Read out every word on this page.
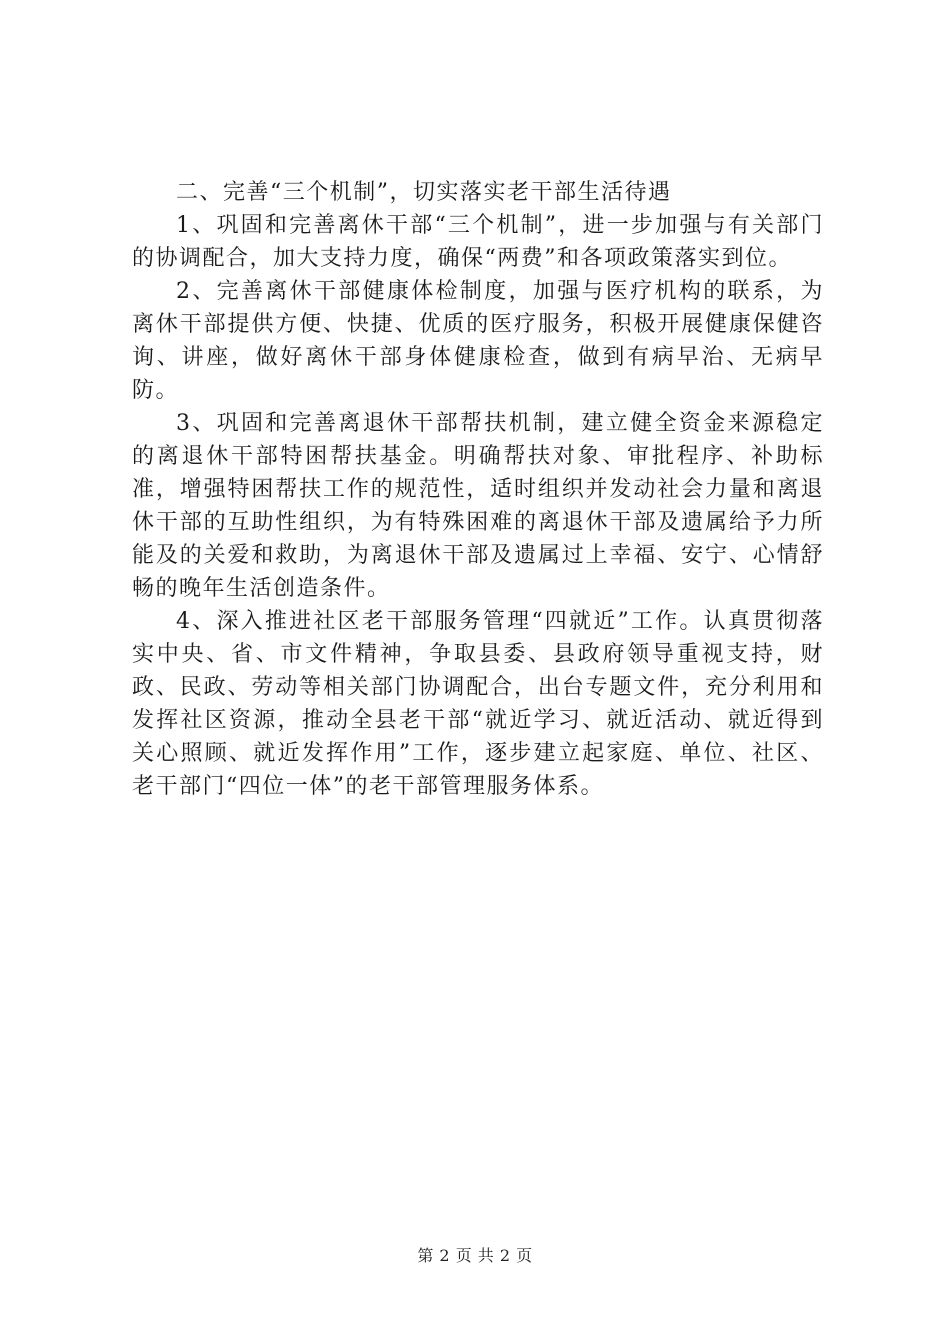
二、完善“三个机制”，切实落实老干部生活待遇

1、巩固和完善离休干部“三个机制”，进一步加强与有关部门的协调配合，加大支持力度，确保“两费”和各项政策落实到位。

2、完善离休干部健康体检制度，加强与医疗机构的联系，为离休干部提供方便、快捷、优质的医疗服务，积极开展健康保健咨询、讲座，做好离休干部身体健康检查，做到有病早治、无病早防。

3、巩固和完善离退休干部帮扶机制，建立健全资金来源稳定的离退休干部特困帮扶基金。明确帮扶对象、审批程序、补助标准，增强特困帮扶工作的规范性，适时组织并发动社会力量和离退休干部的互助性组织，为有特殊困难的离退休干部及遗属给予力所能及的关爱和救助，为离退休干部及遗属过上幸福、安宁、心情舒畅的晚年生活创造条件。

4、深入推进社区老干部服务管理“四就近”工作。认真贯彻落实中央、省、市文件精神，争取县委、县政府领导重视支持，财政、民政、劳动等相关部门协调配合，出台专题文件，充分利用和发挥社区资源，推动全县老干部“就近学习、就近活动、就近得到关心照顾、就近发挥作用”工作，逐步建立起家庭、单位、社区、老干部门“四位一体”的老干部管理服务体系。

第 2 页 共 2 页
